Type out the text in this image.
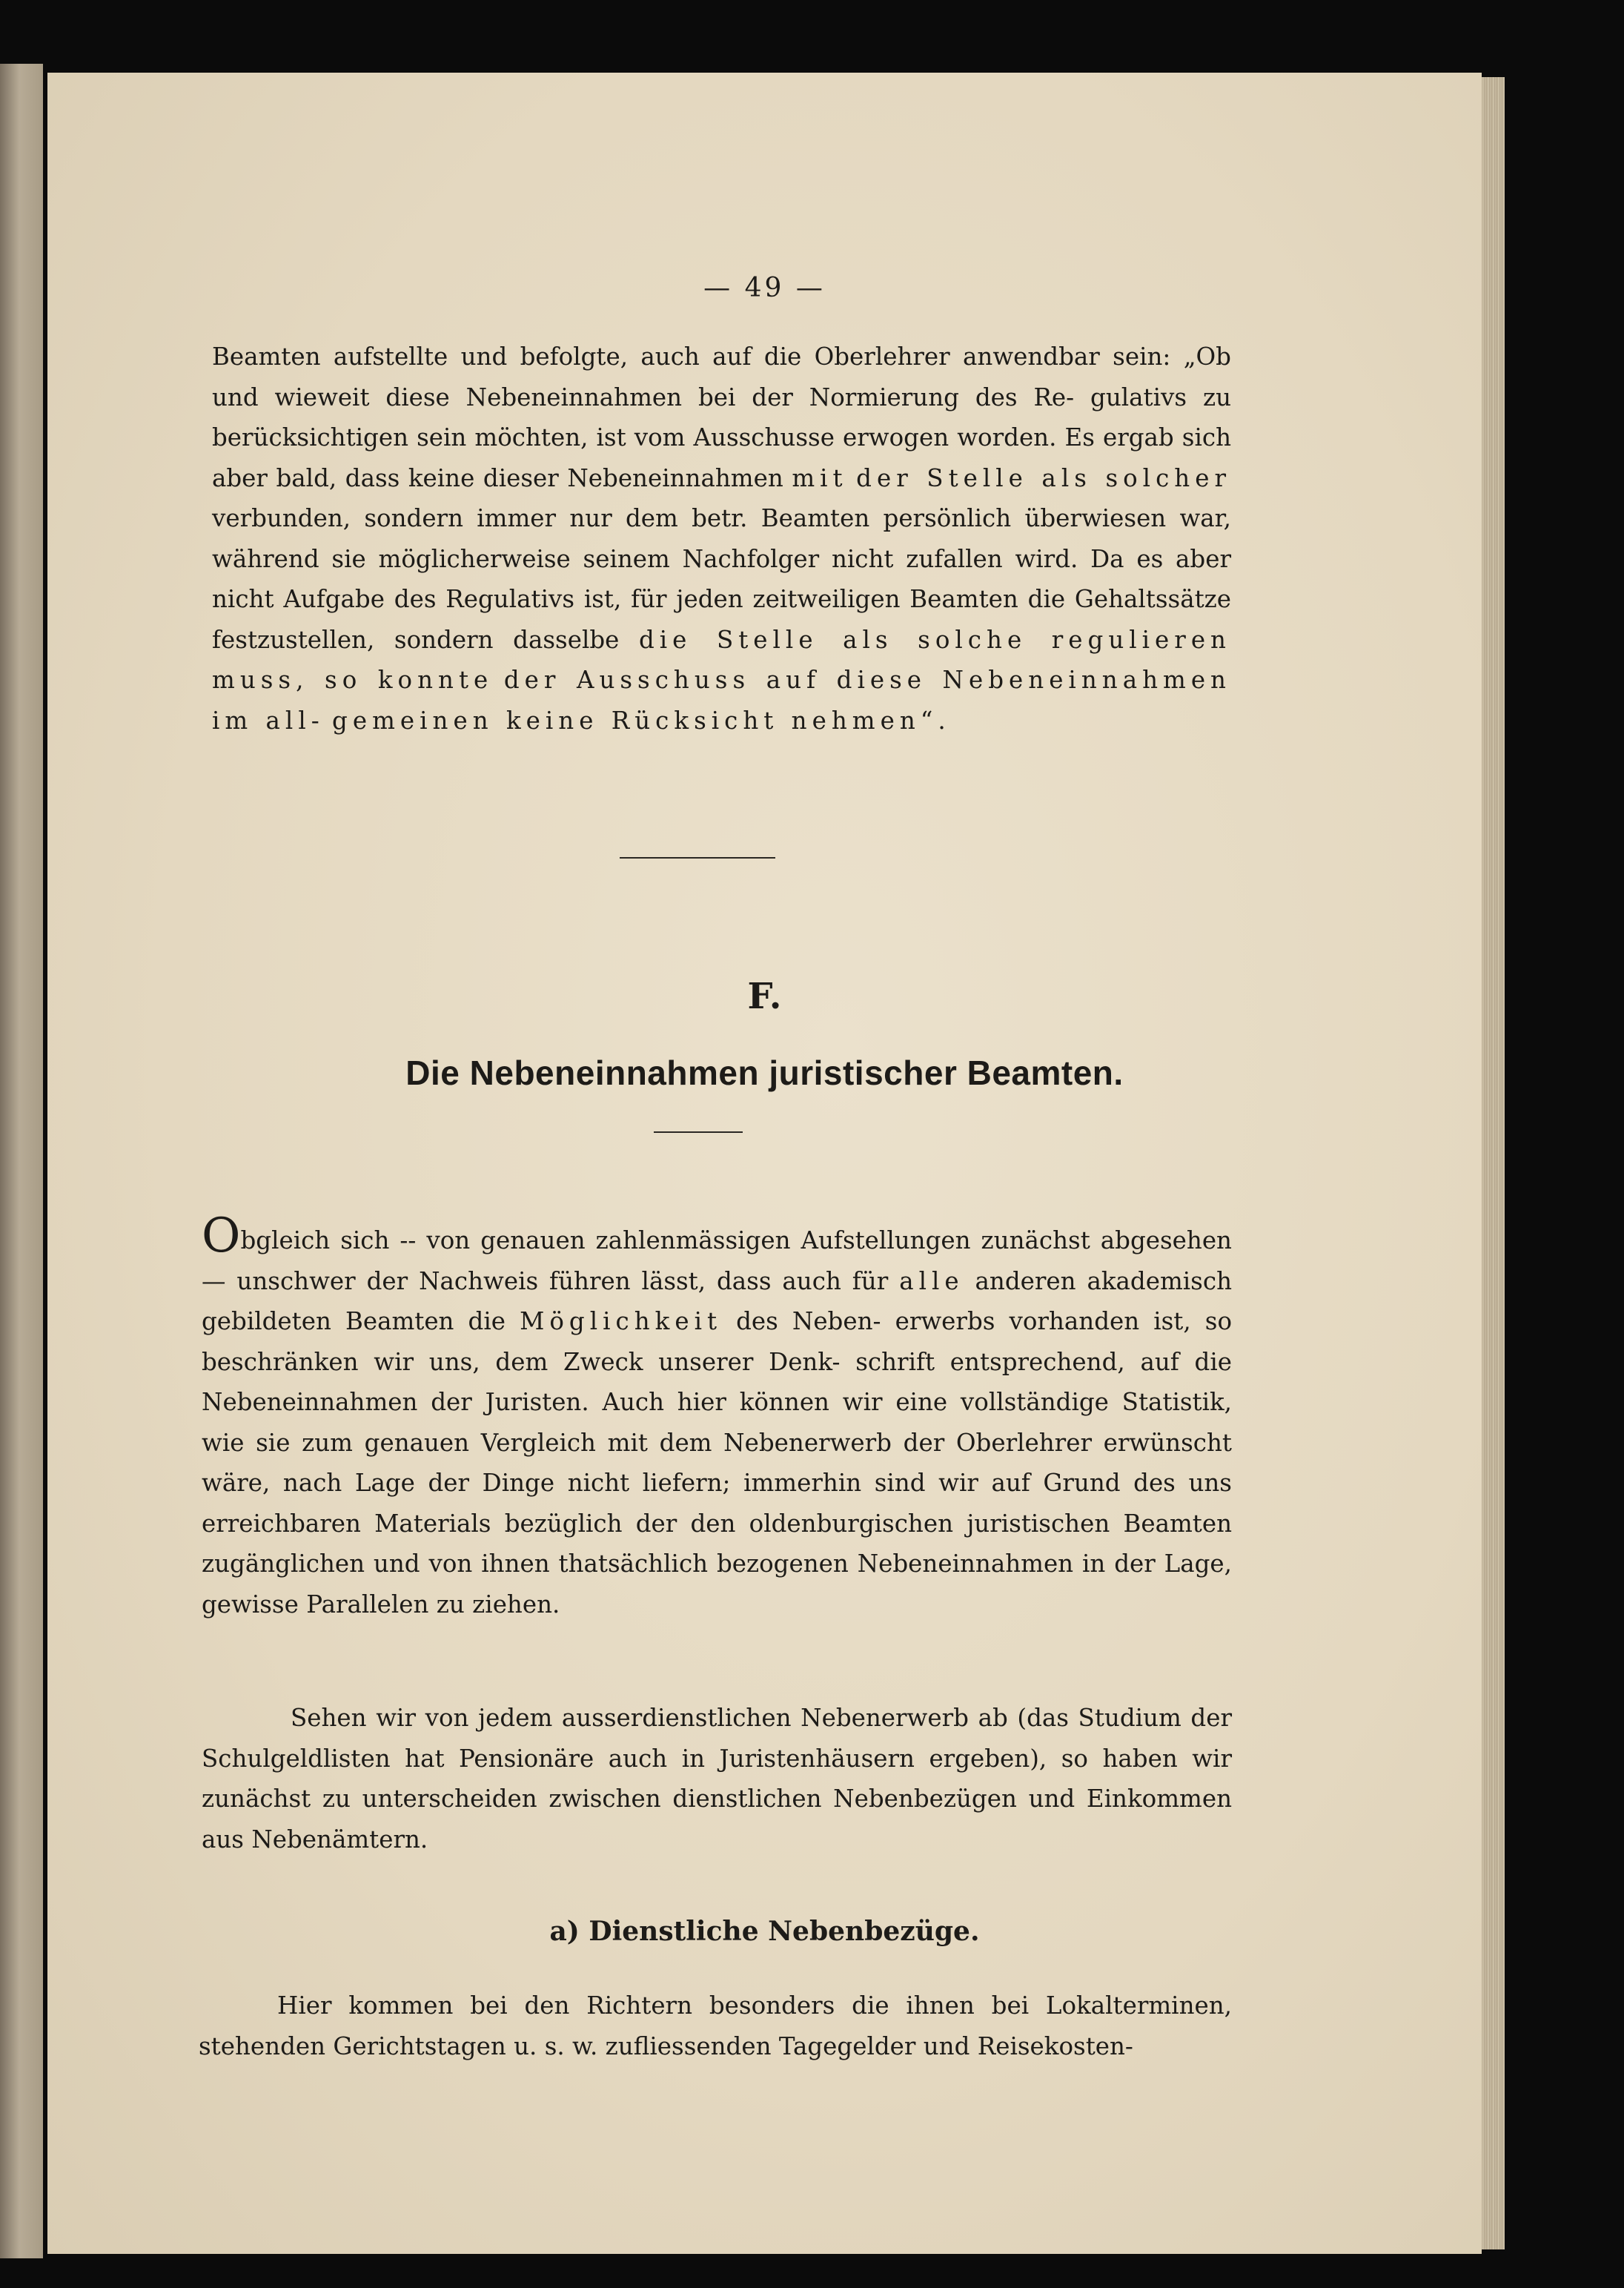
— 49 —
Beamten aufstellte und befolgte, auch auf die Oberlehrer anwendbar sein: „Ob und wieweit diese Nebeneinnahmen bei der Normierung des Re- gulativs zu berücksichtigen sein möchten, ist vom Ausschusse erwogen worden. Es ergab sich aber bald, dass keine dieser Nebeneinnahmen mit der Stelle als solcher verbunden, sondern immer nur dem betr. Beamten persönlich überwiesen war, während sie möglicherweise seinem Nachfolger nicht zufallen wird. Da es aber nicht Aufgabe des Regulativs ist, für jeden zeitweiligen Beamten die Gehaltssätze festzustellen, sondern dasselbe die Stelle als solche regulieren muss, so konnte der Ausschuss auf diese Nebeneinnahmen im all- gemeinen keine Rücksicht nehmen“.
F.
Die Nebeneinnahmen juristischer Beamten.
Obgleich sich -- von genauen zahlenmässigen Aufstellungen zunächst abgesehen — unschwer der Nachweis führen lässt, dass auch für alle anderen akademisch gebildeten Beamten die Möglichkeit des Neben- erwerbs vorhanden ist, so beschränken wir uns, dem Zweck unserer Denk- schrift entsprechend, auf die Nebeneinnahmen der Juristen. Auch hier können wir eine vollständige Statistik, wie sie zum genauen Vergleich mit dem Nebenerwerb der Oberlehrer erwünscht wäre, nach Lage der Dinge nicht liefern; immerhin sind wir auf Grund des uns erreichbaren Materials bezüglich der den oldenburgischen juristischen Beamten zugänglichen und von ihnen thatsächlich bezogenen Nebeneinnahmen in der Lage, gewisse Parallelen zu ziehen.
Sehen wir von jedem ausserdienstlichen Nebenerwerb ab (das Studium der Schulgeldlisten hat Pensionäre auch in Juristenhäusern ergeben), so haben wir zunächst zu unterscheiden zwischen dienstlichen Nebenbezügen und Einkommen aus Nebenämtern.
a) Dienstliche Nebenbezüge.
Hier kommen bei den Richtern besonders die ihnen bei Lokalterminen, stehenden Gerichtstagen u. s. w. zufliessenden Tagegelder und Reisekosten-
